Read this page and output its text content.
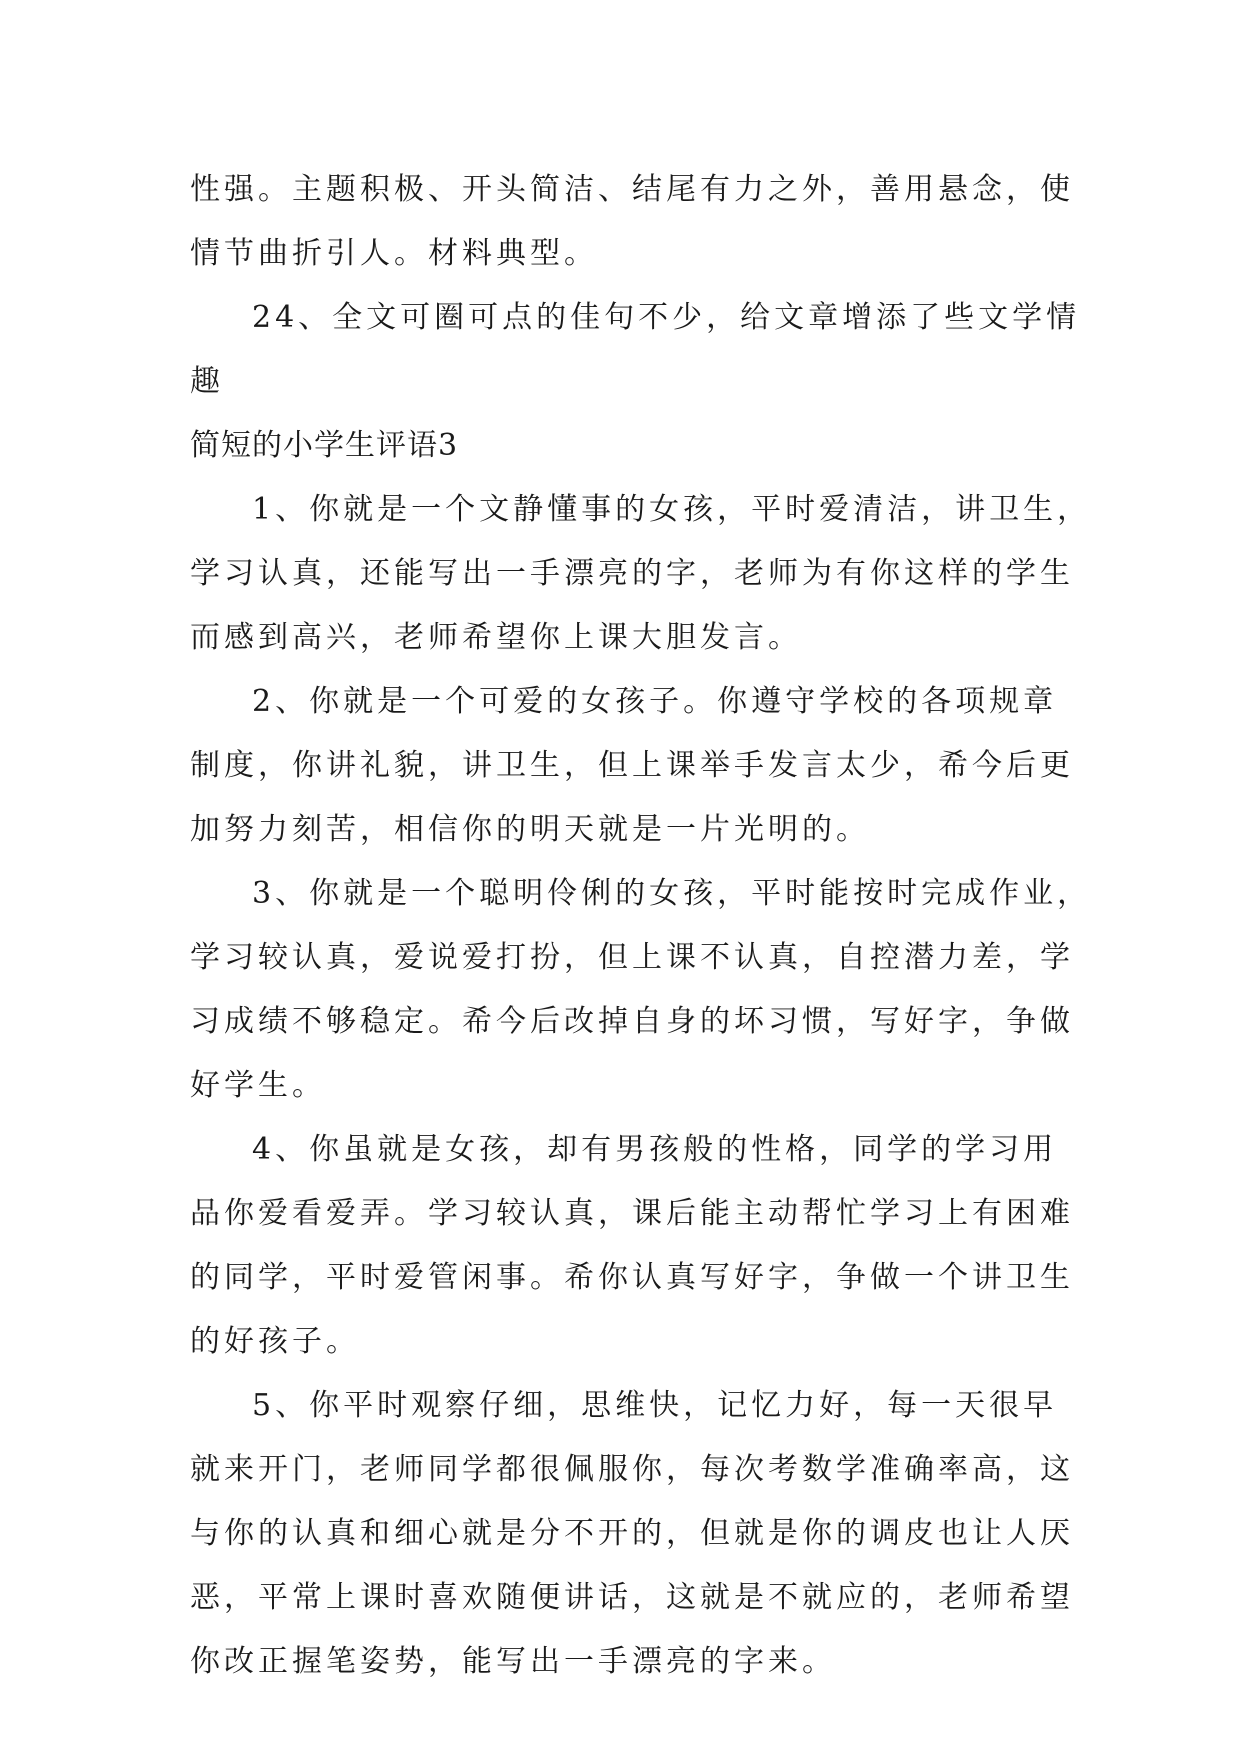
性强。主题积极、开头简洁、结尾有力之外，善用悬念，使
情节曲折引人。材料典型。
24、全文可圈可点的佳句不少，给文章增添了些文学情
趣
简短的小学生评语3
1、你就是一个文静懂事的女孩，平时爱清洁，讲卫生，
学习认真，还能写出一手漂亮的字，老师为有你这样的学生
而感到高兴，老师希望你上课大胆发言。
2、你就是一个可爱的女孩子。你遵守学校的各项规章
制度，你讲礼貌，讲卫生，但上课举手发言太少，希今后更
加努力刻苦，相信你的明天就是一片光明的。
3、你就是一个聪明伶俐的女孩，平时能按时完成作业，
学习较认真，爱说爱打扮，但上课不认真，自控潜力差，学
习成绩不够稳定。希今后改掉自身的坏习惯，写好字，争做
好学生。
4、你虽就是女孩，却有男孩般的性格，同学的学习用
品你爱看爱弄。学习较认真，课后能主动帮忙学习上有困难
的同学，平时爱管闲事。希你认真写好字，争做一个讲卫生
的好孩子。
5、你平时观察仔细，思维快，记忆力好，每一天很早
就来开门，老师同学都很佩服你，每次考数学准确率高，这
与你的认真和细心就是分不开的，但就是你的调皮也让人厌
恶，平常上课时喜欢随便讲话，这就是不就应的，老师希望
你改正握笔姿势，能写出一手漂亮的字来。
